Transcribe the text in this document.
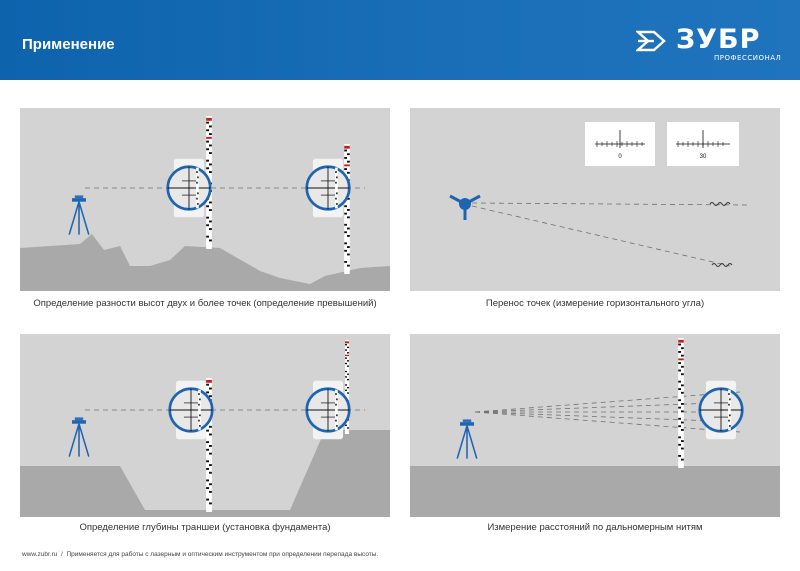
Применение	ЗУБР
ПРОФЕССИОНАЛ
Определение разности высот двух и более точек (определение превышений)
0	30
Перенос точек (измерение горизонтального угла)
Определение глубины траншеи (установка фундамента)	Измерение расстояний по дальномерным нитям
www.zubr.ru / Применяется для работы с лазерным и оптическим инструментом при определении перепада высоты.
